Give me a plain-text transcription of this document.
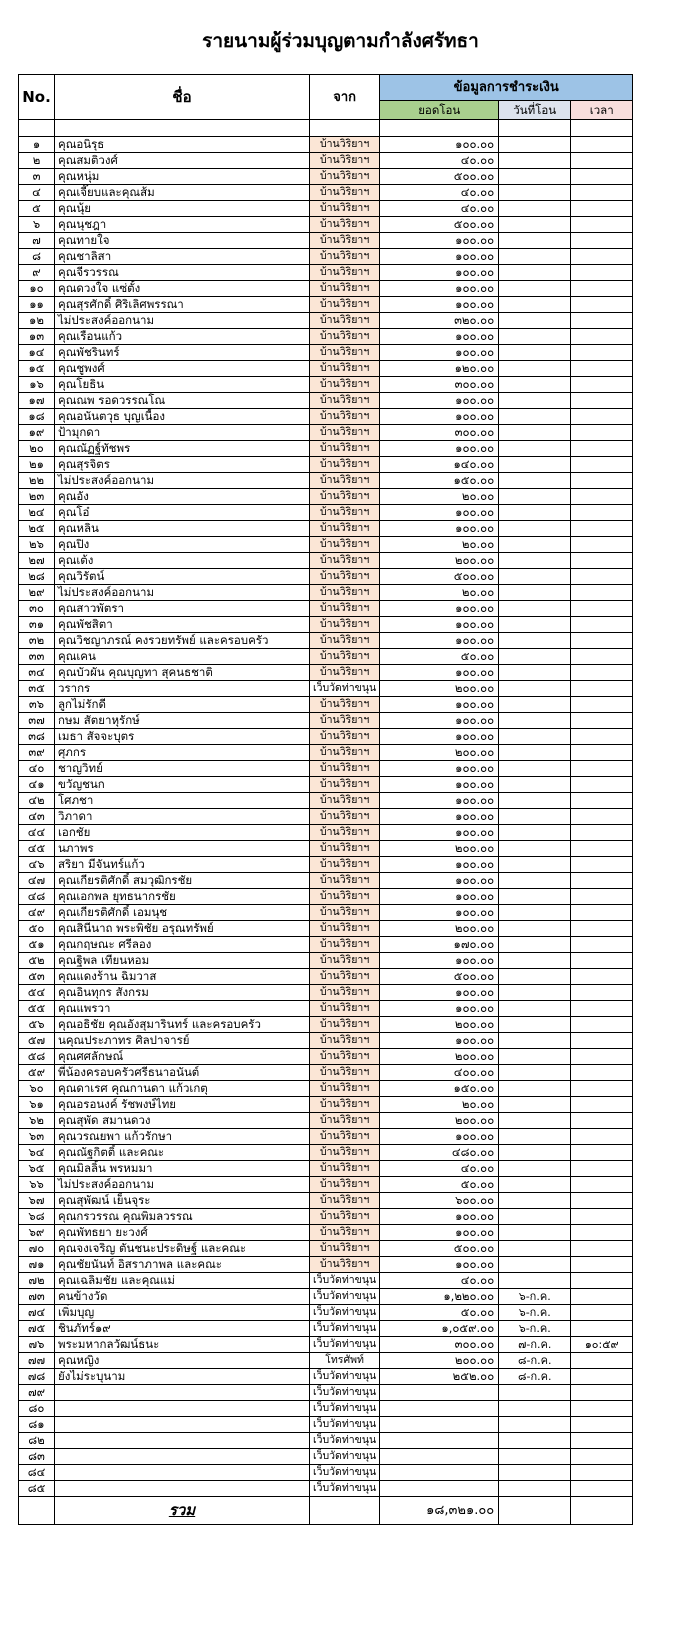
รายนามผู้ร่วมบุญตามกำลังศรัทธา
No.	ชื่อ	จาก	ข้อมูลการชำระเงิน		
			ยอดโอน	วันที่โอน	เวลา

๑	คุณอนิรุธ	บ้านวิริยาฯ	๑๐๐.๐๐		
๒	คุณสมติวงศ์	บ้านวิริยาฯ	๔๐.๐๐		
๓	คุณหนุ่ม	บ้านวิริยาฯ	๕๐๐.๐๐		
๔	คุณเจี๊ยบและคุณส้ม	บ้านวิริยาฯ	๔๐.๐๐		
๕	คุณนุ้ย	บ้านวิริยาฯ	๔๐.๐๐		
๖	คุณนุชฎา	บ้านวิริยาฯ	๕๐๐.๐๐		
๗	คุณทายใจ	บ้านวิริยาฯ	๑๐๐.๐๐		
๘	คุณชาลิสา	บ้านวิริยาฯ	๑๐๐.๐๐		
๙	คุณจีรวรรณ	บ้านวิริยาฯ	๑๐๐.๐๐		
๑๐	คุณดวงใจ แซ่ตั้ง	บ้านวิริยาฯ	๑๐๐.๐๐		
๑๑	คุณสุรศักดิ์ ศิริเลิศพรรณา	บ้านวิริยาฯ	๑๐๐.๐๐		
๑๒	ไม่ประสงค์ออกนาม	บ้านวิริยาฯ	๓๒๐.๐๐		
๑๓	คุณเรือนแก้ว	บ้านวิริยาฯ	๑๐๐.๐๐		
๑๔	คุณพัชรินทร์	บ้านวิริยาฯ	๑๐๐.๐๐		
๑๕	คุณชูพงศ์	บ้านวิริยาฯ	๑๒๐.๐๐		
๑๖	คุณโยธิน	บ้านวิริยาฯ	๓๐๐.๐๐		
๑๗	คุณณพ รอดวรรณโณ	บ้านวิริยาฯ	๑๐๐.๐๐		
๑๘	คุณอนันตวุธ บุญเนื้อง	บ้านวิริยาฯ	๑๐๐.๐๐		
๑๙	ป้ามุกดา	บ้านวิริยาฯ	๓๐๐.๐๐		
๒๐	คุณณัฏฐ์ทัชพร	บ้านวิริยาฯ	๑๐๐.๐๐		
๒๑	คุณสุรจิตร	บ้านวิริยาฯ	๑๔๐.๐๐		
๒๒	ไม่ประสงค์ออกนาม	บ้านวิริยาฯ	๑๕๐.๐๐		
๒๓	คุณอัง	บ้านวิริยาฯ	๒๐.๐๐		
๒๔	คุณโอ๋	บ้านวิริยาฯ	๑๐๐.๐๐		
๒๕	คุณหลิน	บ้านวิริยาฯ	๑๐๐.๐๐		
๒๖	คุณปิง	บ้านวิริยาฯ	๒๐.๐๐		
๒๗	คุณเต้ง	บ้านวิริยาฯ	๒๐๐.๐๐		
๒๘	คุณวิรัตน์	บ้านวิริยาฯ	๕๐๐.๐๐		
๒๙	ไม่ประสงค์ออกนาม	บ้านวิริยาฯ	๒๐.๐๐		
๓๐	คุณสาวพัตรา	บ้านวิริยาฯ	๑๐๐.๐๐		
๓๑	คุณพัชสิตา	บ้านวิริยาฯ	๑๐๐.๐๐		
๓๒	คุณวิชญาภรณ์ คงรวยทรัพย์ และครอบครัว	บ้านวิริยาฯ	๑๐๐.๐๐		
๓๓	คุณเคน	บ้านวิริยาฯ	๕๐.๐๐		
๓๔	คุณบัวผัน คุณบุญทา สุคนธชาติ	บ้านวิริยาฯ	๑๐๐.๐๐		
๓๕	วรากร	เว็บวัดท่าขนุน	๒๐๐.๐๐		
๓๖	ลูกไม่รักดี	บ้านวิริยาฯ	๑๐๐.๐๐		
๓๗	กษม สัตยาหุรักษ์	บ้านวิริยาฯ	๑๐๐.๐๐		
๓๘	เมธา สัจจะบุตร	บ้านวิริยาฯ	๑๐๐.๐๐		
๓๙	ศุภกร	บ้านวิริยาฯ	๒๐๐.๐๐		
๔๐	ชาญวิทย์	บ้านวิริยาฯ	๑๐๐.๐๐		
๔๑	ขวัญชนก	บ้านวิริยาฯ	๑๐๐.๐๐		
๔๒	โศภชา	บ้านวิริยาฯ	๑๐๐.๐๐		
๔๓	วิภาดา	บ้านวิริยาฯ	๑๐๐.๐๐		
๔๔	เอกชัย	บ้านวิริยาฯ	๑๐๐.๐๐		
๔๕	นภาพร	บ้านวิริยาฯ	๒๐๐.๐๐		
๔๖	สริยา มีจันทร์แก้ว	บ้านวิริยาฯ	๑๐๐.๐๐		
๔๗	คุณเกียรติศักดิ์ สมวุฒิกรชัย	บ้านวิริยาฯ	๑๐๐.๐๐		
๔๘	คุณเอกพล ยุทธนากรชัย	บ้านวิริยาฯ	๑๐๐.๐๐		
๔๙	คุณเกียรติศักดิ์ เอมนุช	บ้านวิริยาฯ	๑๐๐.๐๐		
๕๐	คุณสินีนาถ พระพิชัย อรุณทรัพย์	บ้านวิริยาฯ	๒๐๐.๐๐		
๕๑	คุณกฤษณะ ศรีลอง	บ้านวิริยาฯ	๑๗๐.๐๐		
๕๒	คุณฐิพล เทียนหอม	บ้านวิริยาฯ	๑๐๐.๐๐		
๕๓	คุณแดงร้าน ฉิมวาส	บ้านวิริยาฯ	๕๐๐.๐๐		
๕๔	คุณอินทุกร สังกรม	บ้านวิริยาฯ	๑๐๐.๐๐		
๕๕	คุณแพรวา	บ้านวิริยาฯ	๑๐๐.๐๐		
๕๖	คุณอธิชัย คุณอังสุมารินทร์ และครอบครัว	บ้านวิริยาฯ	๒๐๐.๐๐		
๕๗	นคุณประภาทร ศิลปาจารย์	บ้านวิริยาฯ	๑๐๐.๐๐		
๕๘	คุณศศลักษณ์	บ้านวิริยาฯ	๒๐๐.๐๐		
๕๙	พี่น้องครอบครัวศรีธนาอนันต์	บ้านวิริยาฯ	๔๐๐.๐๐		
๖๐	คุณดาเรศ คุณกานดา แก้วเกตุ	บ้านวิริยาฯ	๑๕๐.๐๐		
๖๑	คุณอรอนงค์ รัชพงษ์ไทย	บ้านวิริยาฯ	๒๐.๐๐		
๖๒	คุณสุพัด สมานดวง	บ้านวิริยาฯ	๒๐๐.๐๐		
๖๓	คุณวรณยพา แก้วรักษา	บ้านวิริยาฯ	๑๐๐.๐๐		
๖๔	คุณณัฐกิตติ์ และคณะ	บ้านวิริยาฯ	๔๘๐.๐๐		
๖๕	คุณมิลลิ้น พรหมมา	บ้านวิริยาฯ	๔๐.๐๐		
๖๖	ไม่ประสงค์ออกนาม	บ้านวิริยาฯ	๕๐.๐๐		
๖๗	คุณสุพัฒน์ เย็นจุระ	บ้านวิริยาฯ	๖๐๐.๐๐		
๖๘	คุณกรวรรณ คุณพิมลวรรณ	บ้านวิริยาฯ	๑๐๐.๐๐		
๖๙	คุณพัทธยา ยะวงศ์	บ้านวิริยาฯ	๑๐๐.๐๐		
๗๐	คุณจงเจริญ ตันชนะประดิษฐ์ และคณะ	บ้านวิริยาฯ	๕๐๐.๐๐		
๗๑	คุณชัยนันท์ อิสราภาพล และคณะ	บ้านวิริยาฯ	๑๐๐.๐๐		
๗๒	คุณเฉลิมชัย และคุณแม่	เว็บวัดท่าขนุน	๔๐.๐๐		
๗๓	คนข้างวัด	เว็บวัดท่าขนุน	๑,๒๒๐.๐๐	๖-ก.ค.	
๗๔	เพิ่มบุญ	เว็บวัดท่าขนุน	๕๐.๐๐	๖-ก.ค.	
๗๕	ชินภัทร์๑๙	เว็บวัดท่าขนุน	๑,๐๕๙.๐๐	๖-ก.ค.	
๗๖	พระมหากลวัฒน์ธนะ	เว็บวัดท่าขนุน	๓๐๐.๐๐	๗-ก.ค.	๑๐:๕๙
๗๗	คุณหญิง	โทรศัพท์	๒๐๐.๐๐	๘-ก.ค.	
๗๘	ยังไม่ระบุนาม	เว็บวัดท่าขนุน	๒๕๒.๐๐	๘-ก.ค.	
๗๙		เว็บวัดท่าขนุน			
๘๐		เว็บวัดท่าขนุน			
๘๑		เว็บวัดท่าขนุน			
๘๒		เว็บวัดท่าขนุน			
๘๓		เว็บวัดท่าขนุน			
๘๔		เว็บวัดท่าขนุน			
๘๕		เว็บวัดท่าขนุน			
	รวม		๑๘,๓๒๑.๐๐		
